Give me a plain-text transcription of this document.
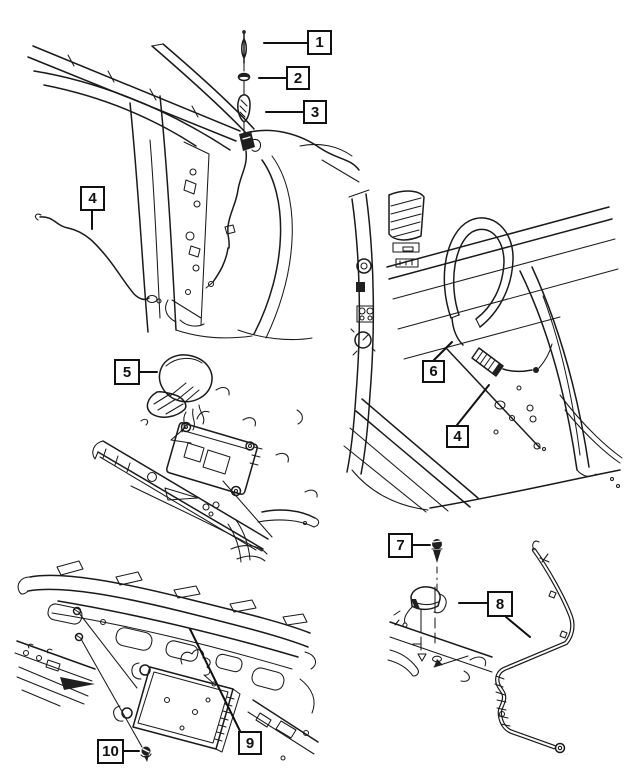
1
2
3
4
5	6
4
7
8
9
10
